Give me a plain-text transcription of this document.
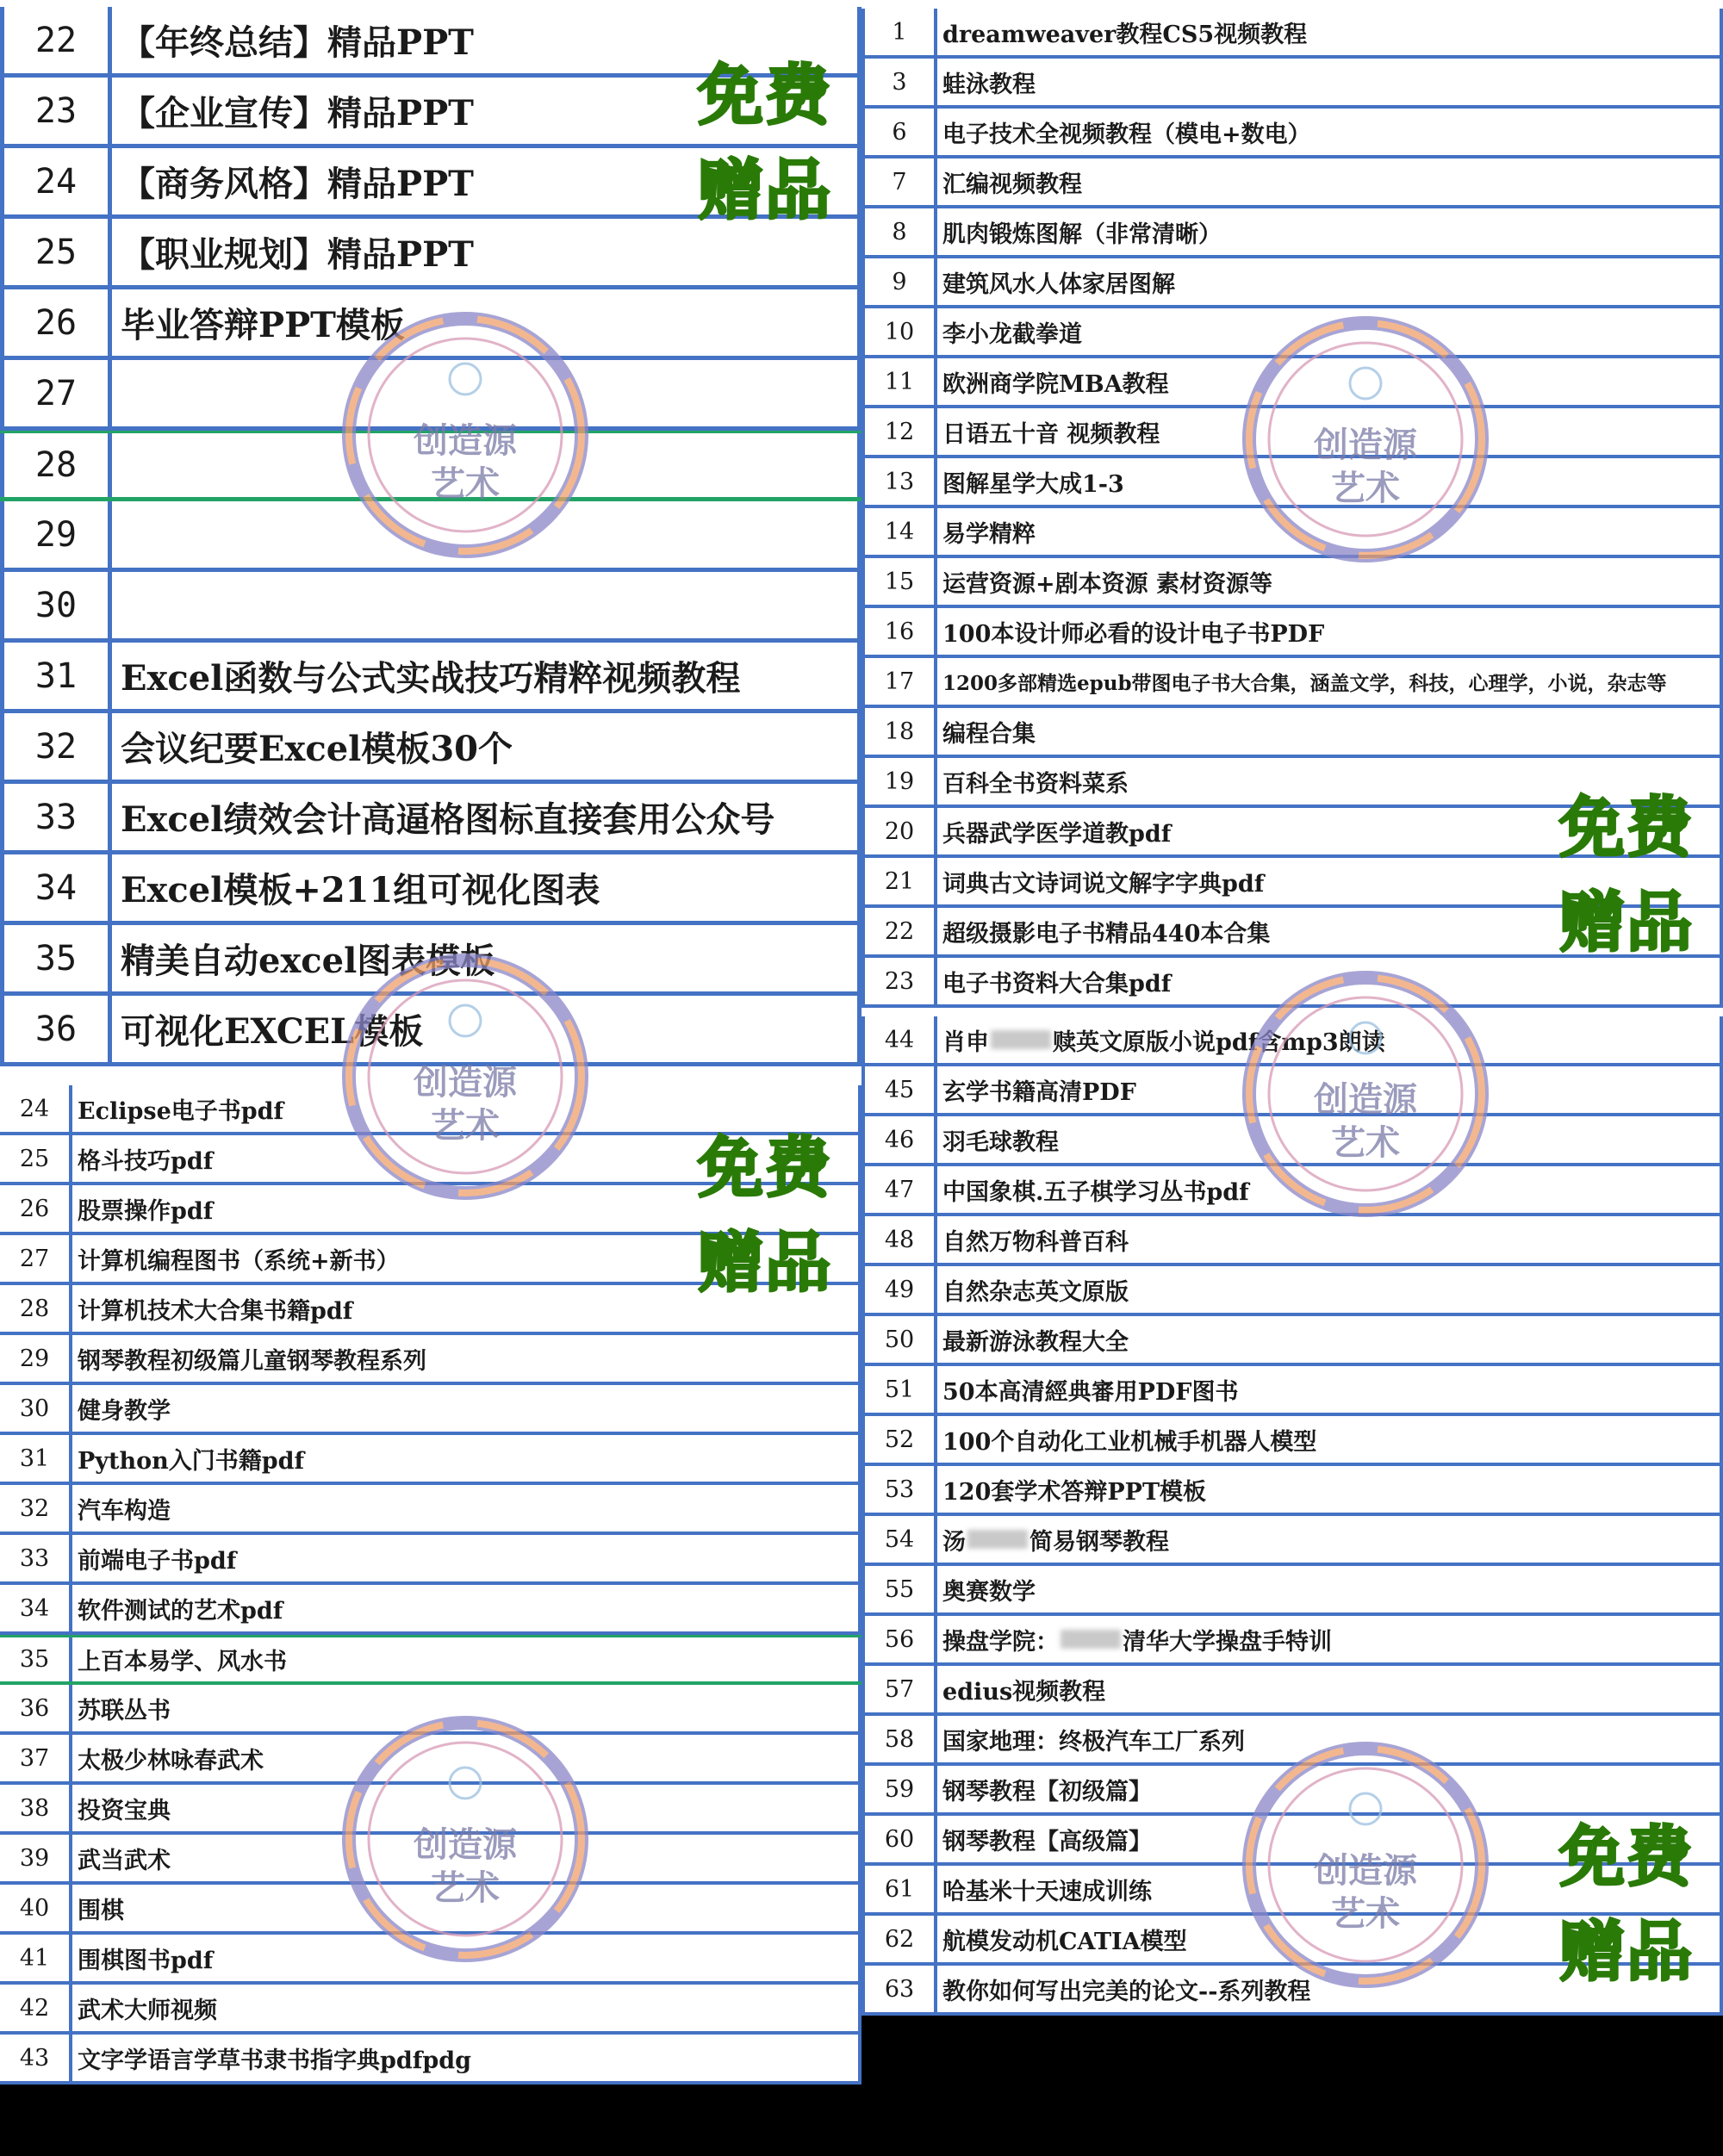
22	【年终总结】精品PPT
23	【企业宣传】精品PPT
24	【商务风格】精品PPT
25	【职业规划】精品PPT
26	毕业答辩PPT模板
27
28
29
30
31	Excel函数与公式实战技巧精粹视频教程
32	会议纪要Excel模板30个
33	Excel绩效会计高逼格图标直接套用公众号
34	Excel模板+211组可视化图表
35	精美自动excel图表模板
36	可视化EXCEL模板
24	Eclipse电子书pdf
25	格斗技巧pdf
26	股票操作pdf
27	计算机编程图书（系统+新书）
28	计算机技术大合集书籍pdf
29	钢琴教程初级篇儿童钢琴教程系列
30	健身教学
31	Python入门书籍pdf
32	汽车构造
33	前端电子书pdf
34	软件测试的艺术pdf
35	上百本易学、风水书
36	苏联丛书
37	太极少林咏春武术
38	投资宝典
39	武当武术
40	围棋
41	围棋图书pdf
42	武术大师视频
43	文字学语言学草书隶书指字典pdfpdg
1	dreamweaver教程CS5视频教程
3	蛙泳教程
6	电子技术全视频教程（模电+数电）
7	汇编视频教程
8	肌肉锻炼图解（非常清晰）
9	建筑风水人体家居图解
10	李小龙截拳道
11	欧洲商学院MBA教程
12	日语五十音 视频教程
13	图解星学大成1-3
14	易学精粹
15	运营资源+剧本资源 素材资源等
16	100本设计师必看的设计电子书PDF
17	1200多部精选epub带图电子书大合集，涵盖文学，科技，心理学，小说，杂志等
18	编程合集
19	百科全书资料菜系
20	兵器武学医学道教pdf
21	词典古文诗词说文解字字典pdf
22	超级摄影电子书精品440本合集
23	电子书资料大合集pdf
44	肖申	赎英文原版小说pdf含mp3朗读
45	玄学书籍高清PDF
46	羽毛球教程
47	中国象棋.五子棋学习丛书pdf
48	自然万物科普百科
49	自然杂志英文原版
50	最新游泳教程大全
51	50本高清經典審用PDF图书
52	100个自动化工业机械手机器人模型
53	120套学术答辩PPT模板
54	汤	简易钢琴教程
55	奥赛数学
56	操盘学院：	清华大学操盘手特训
57	edius视频教程
58	国家地理：终极汽车工厂系列
59	钢琴教程【初级篇】
60	钢琴教程【高级篇】
61	哈基米十天速成训练
62	航模发动机CATIA模型
63	教你如何写出完美的论文--系列教程
免费
赠品
免费
赠品
免费
赠品
免费
赠品
创造源
艺术
创造源
艺术
创造源
艺术
创造源
艺术
创造源
艺术
创造源
艺术
